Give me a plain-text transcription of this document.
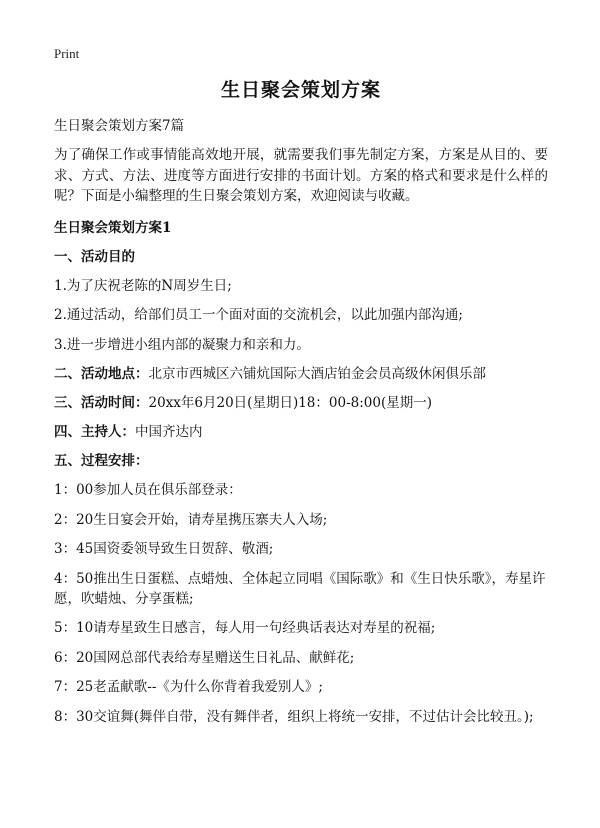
Print
生日聚会策划方案
生日聚会策划方案7篇
为了确保工作或事情能高效地开展，就需要我们事先制定方案，方案是从目的、要求、方式、方法、进度等方面进行安排的书面计划。方案的格式和要求是什么样的呢？下面是小编整理的生日聚会策划方案，欢迎阅读与收藏。
生日聚会策划方案1
一、活动目的
1.为了庆祝老陈的N周岁生日;
2.通过活动，给部们员工一个面对面的交流机会，以此加强内部沟通;
3.进一步增进小组内部的凝聚力和亲和力。
二、活动地点：北京市西城区六铺炕国际大酒店铂金会员高级休闲俱乐部
三、活动时间：20xx年6月20日(星期日)18：00-8:00(星期一)
四、主持人：中国齐达内
五、过程安排：
1：00参加人员在俱乐部登录：
2：20生日宴会开始，请寿星携压寨夫人入场;
3：45国资委领导致生日贺辞、敬酒;
4：50推出生日蛋糕、点蜡烛、全体起立同唱《国际歌》和《生日快乐歌》，寿星许愿，吹蜡烛、分享蛋糕;
5：10请寿星致生日感言，每人用一句经典话表达对寿星的祝福;
6：20国网总部代表给寿星赠送生日礼品、献鲜花;
7：25老孟献歌--《为什么你背着我爱别人》;
8：30交谊舞(舞伴自带，没有舞伴者，组织上将统一安排，不过估计会比较丑。);
